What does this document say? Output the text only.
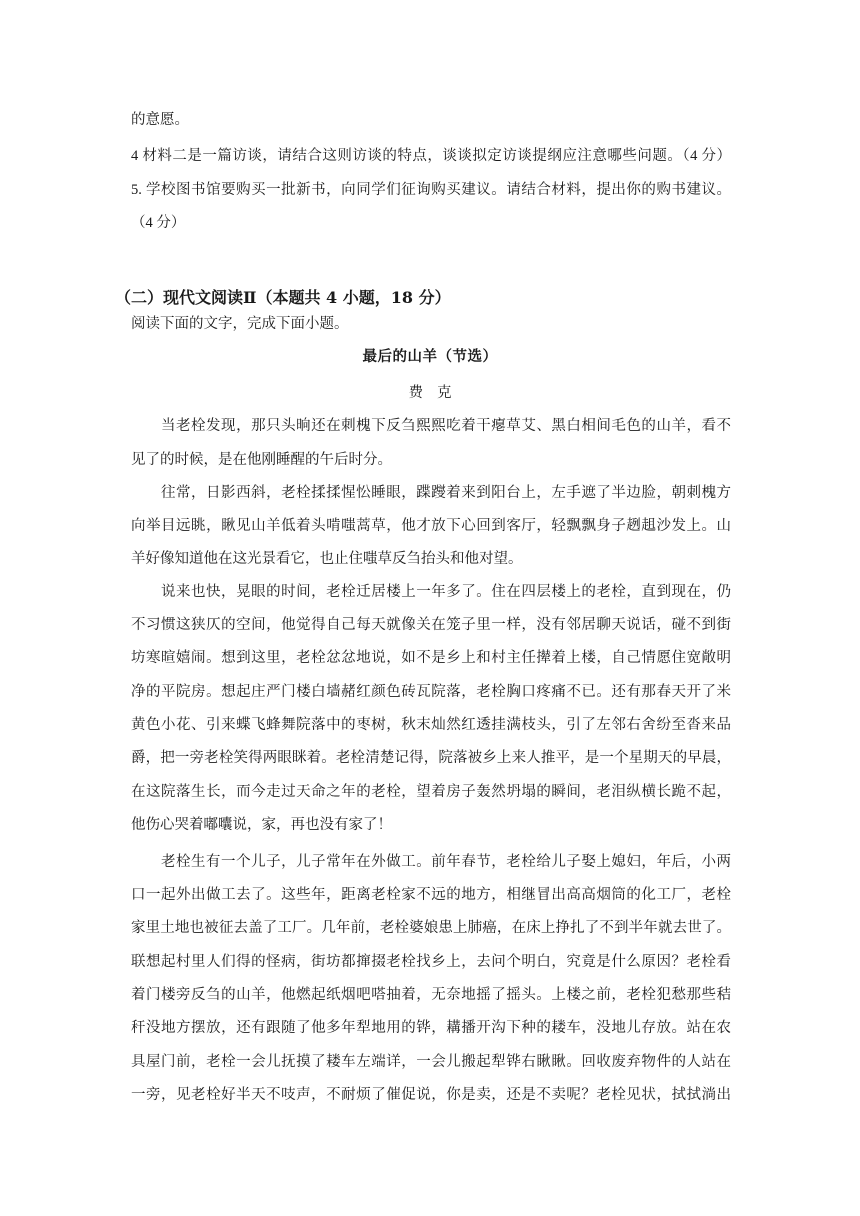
的意愿。
4 材料二是一篇访谈，请结合这则访谈的特点，谈谈拟定访谈提纲应注意哪些问题。（4 分）
5. 学校图书馆要购买一批新书，向同学们征询购买建议。请结合材料，提出你的购书建议。
（4 分）
（二）现代文阅读Ⅱ（本题共 4 小题，18 分）
阅读下面的文字，完成下面小题。
最后的山羊（节选）
费克
当老栓发现，那只头晌还在刺槐下反刍熙熙吃着干瘪草艾、黑白相间毛色的山羊，看不
见了的时候，是在他刚睡醒的午后时分。
往常，日影西斜，老栓揉揉惺忪睡眼，蹀躞着来到阳台上，左手遮了半边脸，朝刺槐方
向举目远眺，瞅见山羊低着头啃嗤蒿草，他才放下心回到客厅，轻飘飘身子趔趄沙发上。山
羊好像知道他在这光景看它，也止住嗤草反刍抬头和他对望。
说来也快，晃眼的时间，老栓迁居楼上一年多了。住在四层楼上的老栓，直到现在，仍
不习惯这狭仄的空间，他觉得自己每天就像关在笼子里一样，没有邻居聊天说话，碰不到街
坊寒暄嬉闹。想到这里，老栓忿忿地说，如不是乡上和村主任撵着上楼，自己情愿住宽敞明
净的平院房。想起庄严门楼白墙赭红颜色砖瓦院落，老栓胸口疼痛不已。还有那春天开了米
黄色小花、引来蝶飞蜂舞院落中的枣树，秋末灿然红透挂满枝头，引了左邻右舍纷至沓来品
爵，把一旁老栓笑得两眼眯着。老栓清楚记得，院落被乡上来人推平，是一个星期天的早晨，
在这院落生长，而今走过天命之年的老栓，望着房子轰然坍塌的瞬间，老泪纵横长跪不起，
他伤心哭着嘟囔说，家，再也没有家了！
老栓生有一个儿子，儿子常年在外做工。前年春节，老栓给儿子娶上媳妇，年后，小两
口一起外出做工去了。这些年，距离老栓家不远的地方，相继冒出高高烟筒的化工厂，老栓
家里土地也被征去盖了工厂。几年前，老栓婆娘患上肺癌，在床上挣扎了不到半年就去世了。
联想起村里人们得的怪病，街坊都撺掇老栓找乡上，去问个明白，究竟是什么原因？老栓看
着门楼旁反刍的山羊，他燃起纸烟吧嗒抽着，无奈地摇了摇头。上楼之前，老栓犯愁那些秸
秆没地方摆放，还有跟随了他多年犁地用的铧，耩播开沟下种的耧车，没地儿存放。站在农
具屋门前，老栓一会儿抚摸了耧车左端详，一会儿搬起犁铧右瞅瞅。回收废弃物件的人站在
一旁，见老栓好半天不吱声，不耐烦了催促说，你是卖，还是不卖呢？老栓见状，拭拭淌出
